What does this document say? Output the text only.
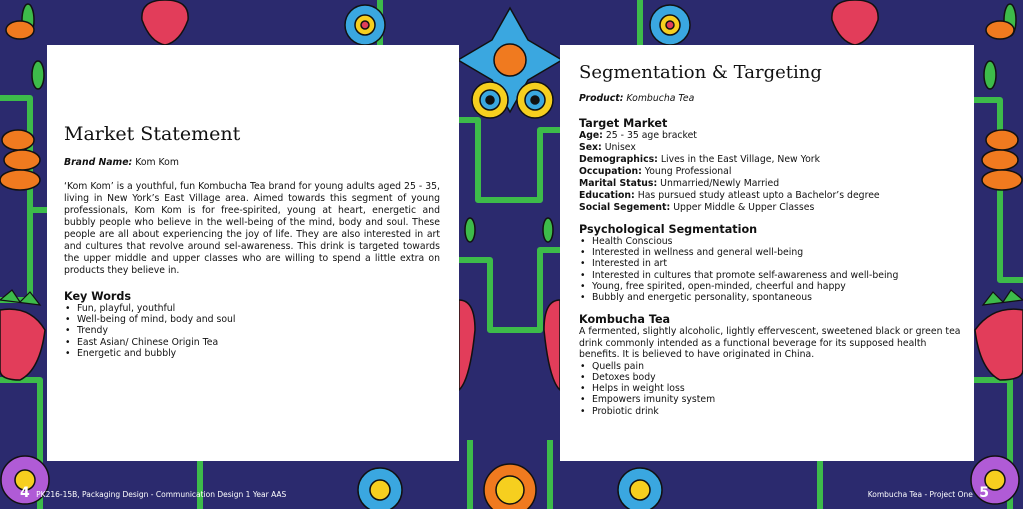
Market Statement

Brand Name: Kom Kom

‘Kom Kom’ is a youthful, fun Kombucha Tea brand for young adults aged 25 - 35, living in New York’s East Village area. Aimed towards this segment of young professionals, Kom Kom is for free-spirited, young at heart, energetic and bubbly people who believe in the well-being of the mind, body and soul. These people are all about experiencing the joy of life. They are also interested in art and cultures that revolve around sel-awareness. This drink is targeted towards the upper middle and upper classes who are willing to spend a little extra on products they believe in.

Key Words
• Fun, playful, youthful
• Well-being of mind, body and soul
• Trendy
• East Asian/ Chinese Origin Tea
• Energetic and bubbly
Segmentation & Targeting

Product: Kombucha Tea

Target Market

Age: 25 - 35 age bracket

Sex: Unisex

Demographics: Lives in the East Village, New York

Occupation: Young Professional

Marital Status: Unmarried/Newly Married

Education: Has pursued study atleast upto a Bachelor’s degree

Social Segement: Upper Middle & Upper Classes

Psychological Segmentation
• Health Conscious
• Interested in wellness and general well-being
• Interested in art
• Interested in cultures that promote self-awareness and well-being
• Young, free spirited, open-minded, cheerful and happy
• Bubbly and energetic personality, spontaneous
Kombucha Tea

A fermented, slightly alcoholic, lightly effervescent, sweetened black or green tea drink commonly intended as a functional beverage for its supposed health benefits. It is believed to have originated in China.

• Quells pain
• Detoxes body
• Helps in weight loss
• Empowers imunity system
• Probiotic drink
4 PK216-15B, Packaging Design - Communication Design 1 Year AAS	Kombucha Tea - Project One 5
